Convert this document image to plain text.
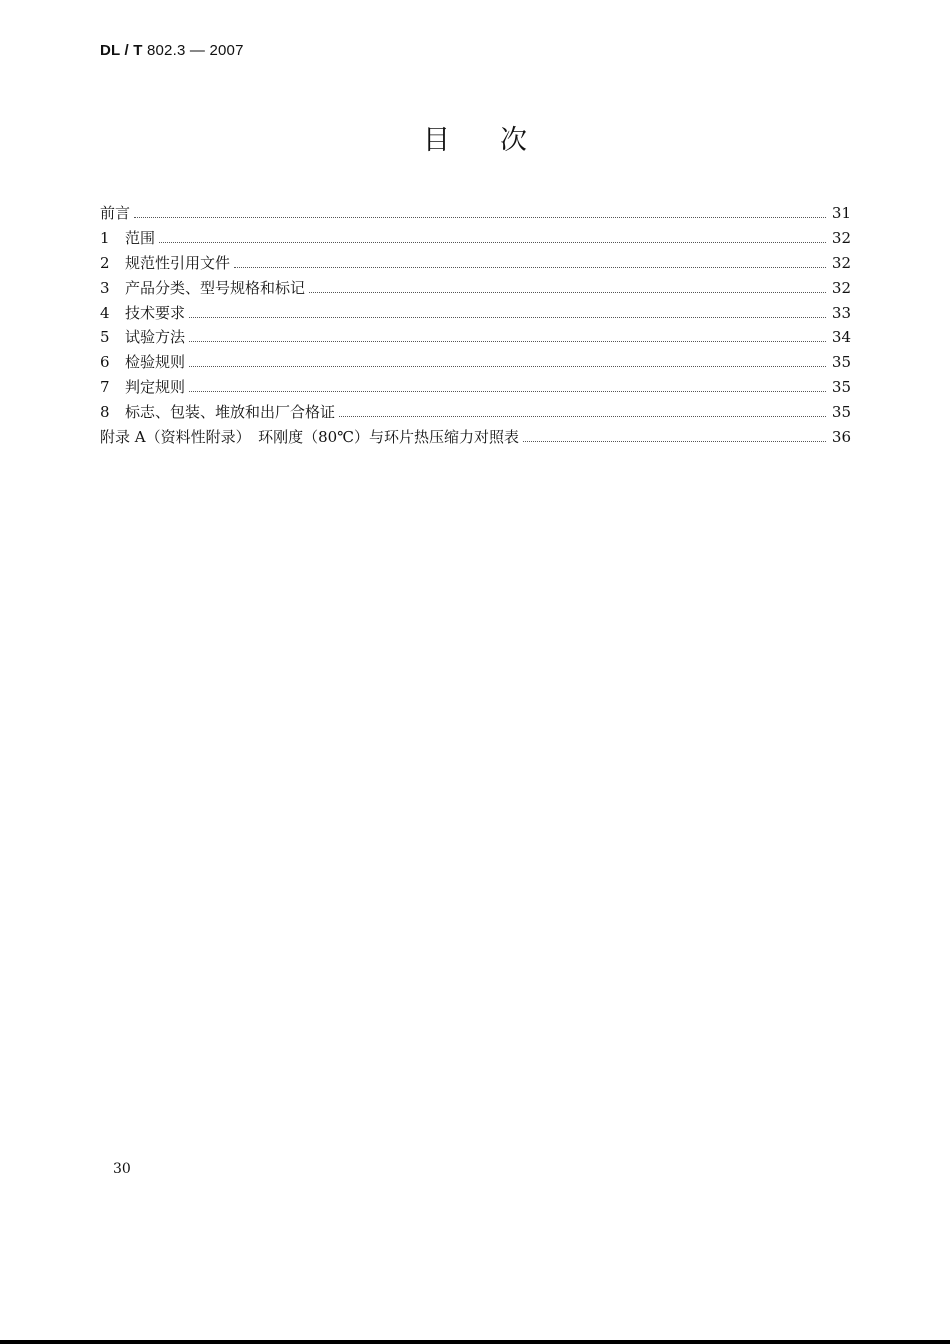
DL / T 802.3 — 2007
目次
前言	31
1	范围	32
2	规范性引用文件	32
3	产品分类、型号规格和标记	32
4	技术要求	33
5	试验方法	34
6	检验规则	35
7	判定规则	35
8	标志、包装、堆放和出厂合格证	35
附录 A（资料性附录）　环刚度（80℃）与环片热压缩力对照表	36
30
